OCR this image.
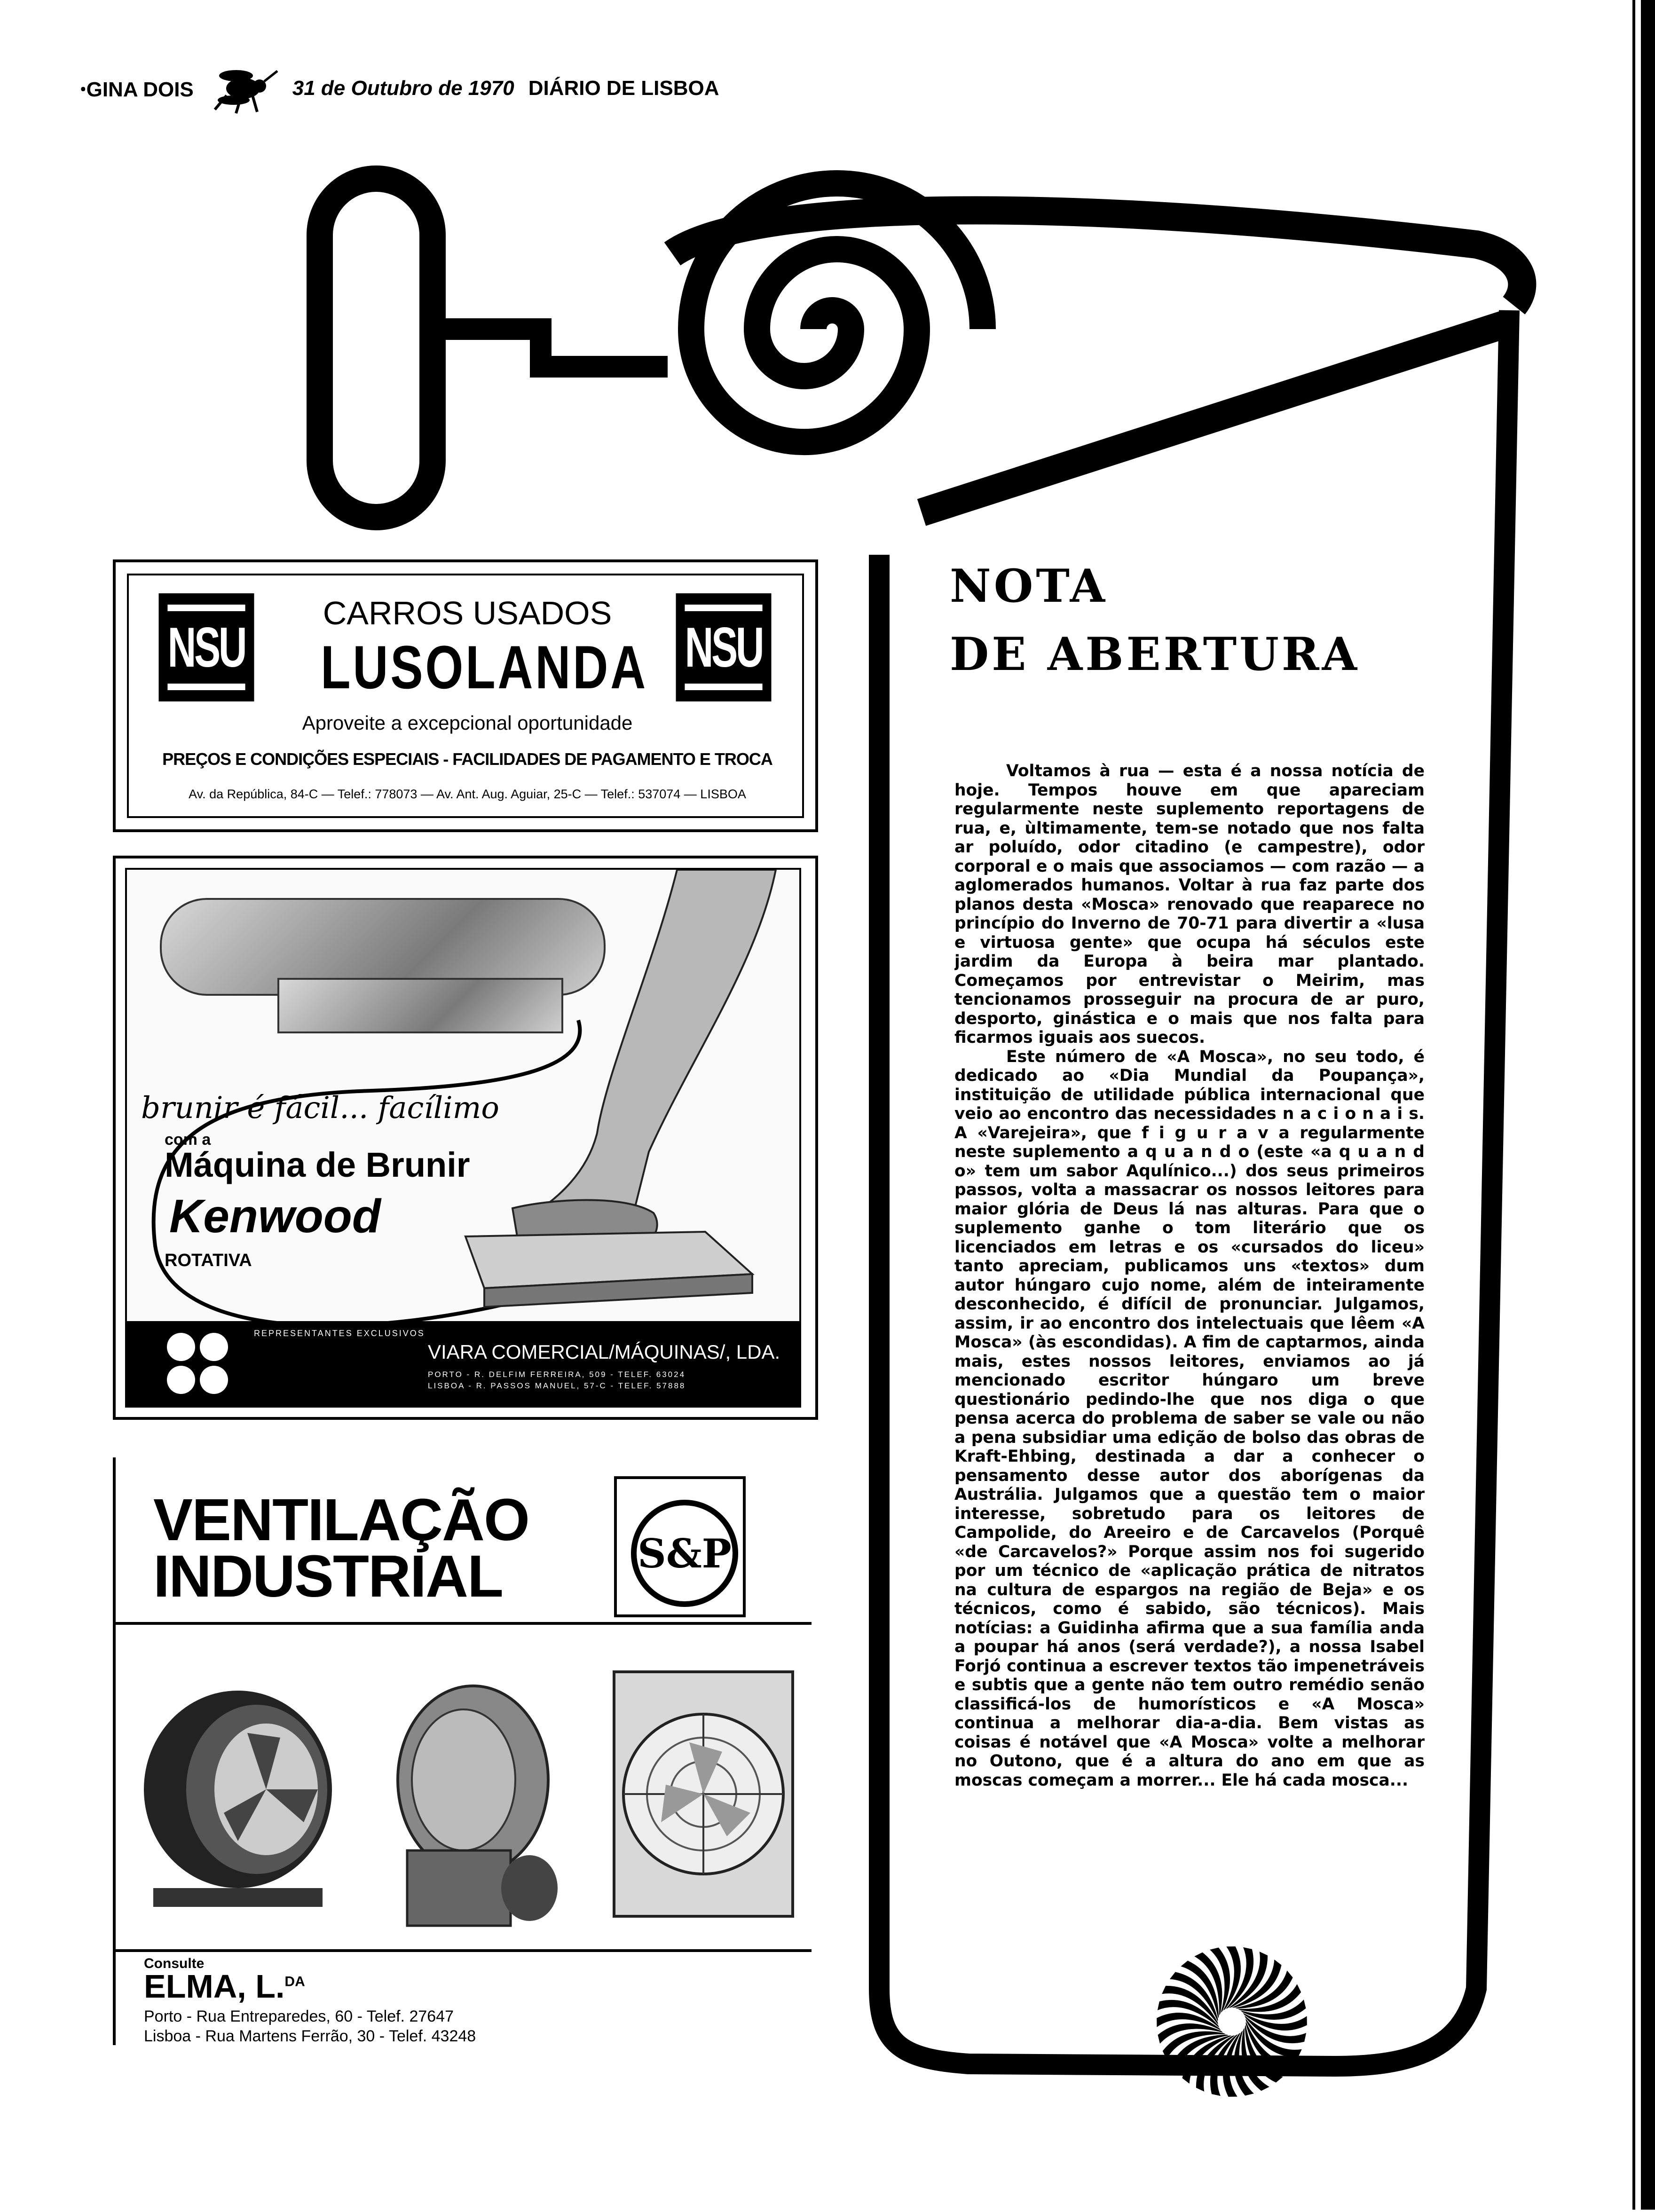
ꞏGINA DOIS	31 de Outubro de 1970 DIÁRIO DE LISBOA
NSU	NSU
CARROS USADOS
LUSOLANDA
Aproveite a excepcional oportunidade
PREÇOS E CONDIÇÕES ESPECIAIS - FACILIDADES DE PAGAMENTO E TROCA
Av. da República, 84-C — Telef.: 778073 — Av. Ant. Aug. Aguiar, 25-C — Telef.: 537074 — LISBOA
brunir é fácil... facílimo
com a
Máquina de Brunir
Kenwood
ROTATIVA
REPRESENTANTES EXCLUSIVOS
VIARA COMERCIAL/MÁQUINAS/, LDA.
PORTO - R. DELFIM FERREIRA, 509 - TELEF. 63024
LISBOA - R. PASSOS MANUEL, 57-C - TELEF. 57888
VENTILAÇÃO
INDUSTRIAL	S&P
Consulte
ELMA, L.$^{DA}$
Porto - Rua Entreparedes, 60 - Telef. 27647
Lisboa - Rua Martens Ferrão, 30 - Telef. 43248
NOTA
DE ABERTURA

Voltamos à rua — esta é a nossa notícia de hoje. Tempos houve em que apareciam regularmente neste suplemento reportagens de rua, e, ùltimamente, tem-se notado que nos falta ar poluído, odor citadino (e campestre), odor corporal e o mais que associamos — com razão — a aglomerados humanos. Voltar à rua faz parte dos planos desta «Mosca» renovado que reaparece no princípio do Inverno de 70-71 para divertir a «lusa e virtuosa gente» que ocupa há séculos este jardim da Europa à beira mar plantado. Começamos por entrevistar o Meirim, mas tencionamos prosseguir na procura de ar puro, desporto, ginástica e o mais que nos falta para ficarmos iguais aos suecos.

Este número de «A Mosca», no seu todo, é dedicado ao «Dia Mundial da Poupança», instituição de utilidade pública internacional que veio ao encontro das necessidades n a c i o n a i s. A «Varejeira», que f i g u r a v a regularmente neste suplemento a q u a n d o (este «a q u a n d o» tem um sabor Aqulínico...) dos seus primeiros passos, volta a massacrar os nossos leitores para maior glória de Deus lá nas alturas. Para que o suplemento ganhe o tom literário que os licenciados em letras e os «cursados do liceu» tanto apreciam, publicamos uns «textos» dum autor húngaro cujo nome, além de inteiramente desconhecido, é difícil de pronunciar. Julgamos, assim, ir ao encontro dos intelectuais que lêem «A Mosca» (às escondidas). A fim de captarmos, ainda mais, estes nossos leitores, enviamos ao já mencionado escritor húngaro um breve questionário pedindo-lhe que nos diga o que pensa acerca do problema de saber se vale ou não a pena subsidiar uma edição de bolso das obras de Kraft-Ehbing, destinada a dar a conhecer o pensamento desse autor dos aborígenas da Austrália. Julgamos que a questão tem o maior interesse, sobretudo para os leitores de Campolide, do Areeiro e de Carcavelos (Porquê «de Carcavelos?» Porque assim nos foi sugerido por um técnico de «aplicação prática de nitratos na cultura de espargos na região de Beja» e os técnicos, como é sabido, são técnicos). Mais notícias: a Guidinha afirma que a sua família anda a poupar há anos (será verdade?), a nossa Isabel Forjó continua a escrever textos tão impenetráveis e subtis que a gente não tem outro remédio senão classificá-los de humorísticos e «A Mosca» continua a melhorar dia-a-dia. Bem vistas as coisas é notável que «A Mosca» volte a melhorar no Outono, que é a altura do ano em que as moscas começam a morrer... Ele há cada mosca...
